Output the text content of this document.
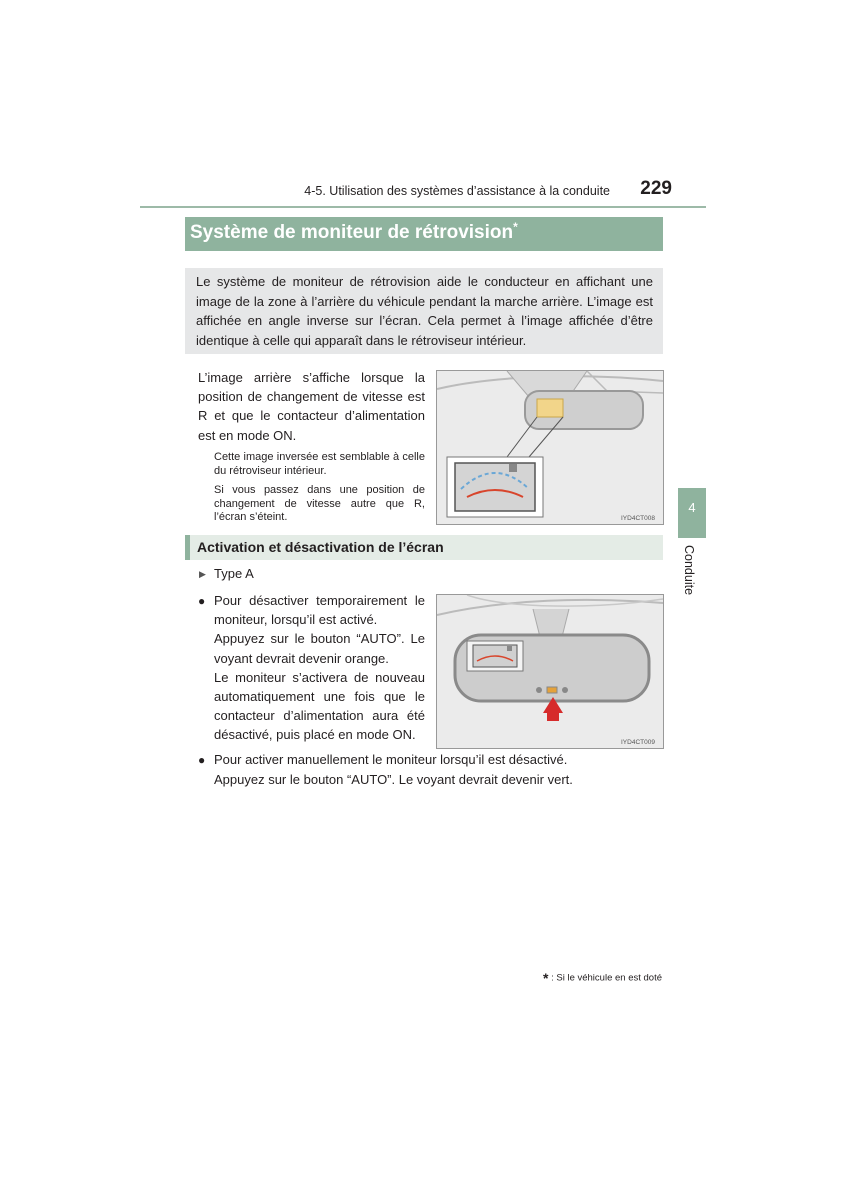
4-5. Utilisation des systèmes d’assistance à la conduite	229
Système de moniteur de rétrovision*

Le système de moniteur de rétrovision aide le conducteur en affichant une image de la zone à l’arrière du véhicule pendant la marche arrière. L’image est affichée en angle inverse sur l’écran. Cela permet à l’image affichée d’être identique à celle qui apparaît dans le rétroviseur intérieur.

L’image arrière s’affiche lorsque la position de changement de vitesse est R et que le contacteur d’alimentation est en mode ON.
Cette image inversée est semblable à celle du rétroviseur intérieur.
Si vous passez dans une position de changement de vitesse autre que R, l’écran s’éteint.	IYD4CT008
Activation et désactivation de l’écran
▶ Type A
● Pour désactiver temporairement le moniteur, lorsqu’il est activé.
Appuyez sur le bouton “AUTO”. Le voyant devrait devenir orange.
Le moniteur s’activera de nouveau automatiquement une fois que le contacteur d’alimentation aura été désactivé, puis placé en mode ON.
IYD4CT009
● Pour activer manuellement le moniteur lorsqu’il est désactivé.
Appuyez sur le bouton “AUTO”. Le voyant devrait devenir vert.
4
Conduite
* : Si le véhicule en est doté
